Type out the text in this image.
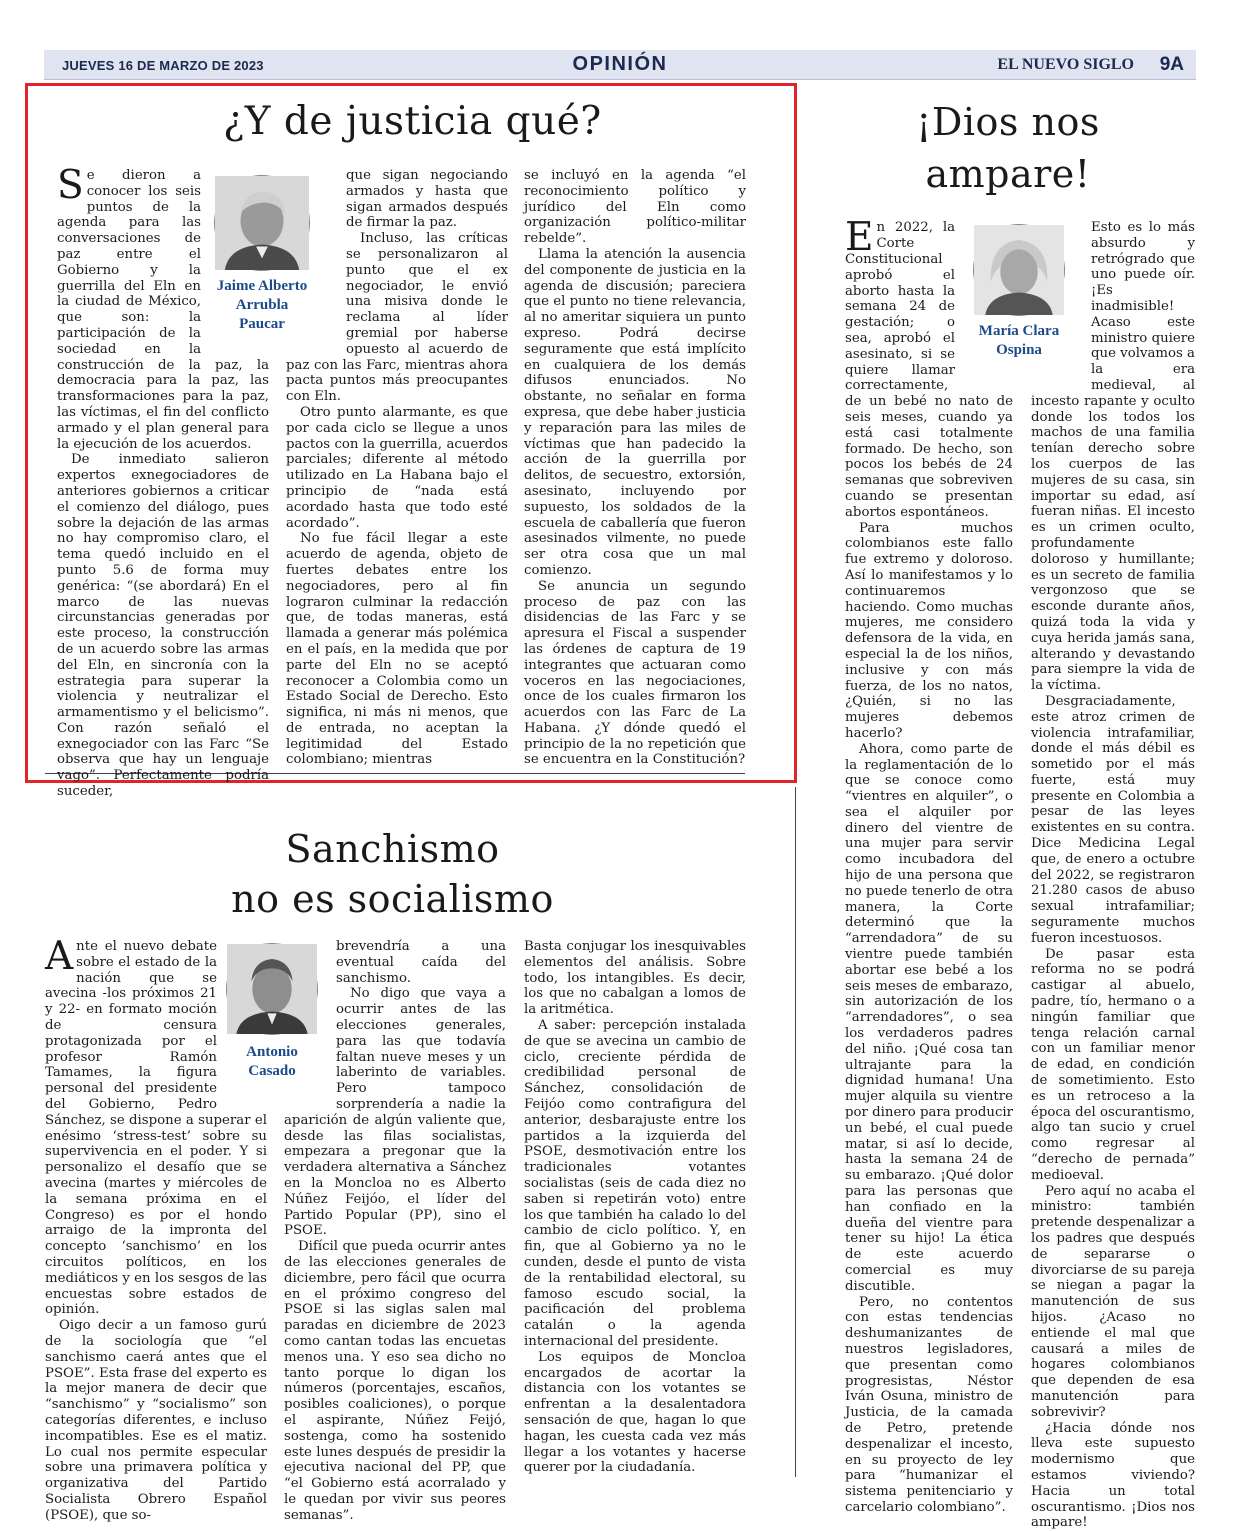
JUEVES 16 DE MARZO DE 2023	OPINIÓN	EL NUEVO SIGLO 9A
¿Y de justicia qué?
Jaime Alberto
Arrubla
Paucar

Se dieron a conocer los seis puntos de la agenda para las conversaciones de paz entre el Gobierno y la guerrilla del Eln en la ciudad de México, que son: la participación de la sociedad en la construcción de la paz, la democracia para la paz, las transformaciones para la paz, las víctimas, el fin del conflicto armado y el plan general para la ejecución de los acuerdos.

De inmediato salieron expertos exnegociadores de anteriores gobiernos a criticar el comienzo del diálogo, pues sobre la dejación de las armas no hay compromiso claro, el tema quedó incluido en el punto 5.6 de forma muy genérica: “(se abordará) En el marco de las nuevas circunstancias generadas por este proceso, la construcción de un acuerdo sobre las armas del Eln, en sincronía con la estrategia para superar la violencia y neutralizar el armamentismo y el belicismo”. Con razón señaló el exnegociador con las Farc “Se observa que hay un lenguaje vago”. Perfectamente podría suceder,

que sigan negociando armados y hasta que sigan armados después de firmar la paz.

Incluso, las críticas se personalizaron al punto que el ex negociador, le envió una misiva donde le reclama al líder gremial por haberse opuesto al acuerdo de paz con las Farc, mientras ahora pacta puntos más preocupantes con Eln.

Otro punto alarmante, es que por cada ciclo se llegue a unos pactos con la guerrilla, acuerdos parciales; diferente al método utilizado en La Habana bajo el principio de “nada está acordado hasta que todo esté acordado”.

No fue fácil llegar a este acuerdo de agenda, objeto de fuertes debates entre los negociadores, pero al fin lograron culminar la redacción que, de todas maneras, está llamada a generar más polémica en el país, en la medida que por parte del Eln no se aceptó reconocer a Colombia como un Estado Social de Derecho. Esto significa, ni más ni menos, que de entrada, no aceptan la legitimidad del Estado colombiano; mientras

se incluyó en la agenda “el reconocimiento político y jurídico del Eln como organización político-militar rebelde”.

Llama la atención la ausencia del componente de justicia en la agenda de discusión; pareciera que el punto no tiene relevancia, al no ameritar siquiera un punto expreso. Podrá decirse seguramente que está implícito en cualquiera de los demás difusos enunciados. No obstante, no señalar en forma expresa, que debe haber justicia y reparación para las miles de víctimas que han padecido la acción de la guerrilla por delitos, de secuestro, extorsión, asesinato, incluyendo por supuesto, los soldados de la escuela de caballería que fueron asesinados vilmente, no puede ser otra cosa que un mal comienzo.

Se anuncia un segundo proceso de paz con las disidencias de las Farc y se apresura el Fiscal a suspender las órdenes de captura de 19 integrantes que actuaran como voceros en las negociaciones, once de los cuales firmaron los acuerdos con las Farc de La Habana. ¿Y dónde quedó el principio de la no repetición que se encuentra en la Constitución?

Sanchismo
no es socialismo
Antonio
Casado

Ante el nuevo debate sobre el estado de la nación que se avecina -los próximos 21 y 22- en formato moción de censura protagonizada por el profesor Ramón Tamames, la figura personal del presidente del Gobierno, Pedro Sánchez, se dispone a superar el enésimo ‘stress-test’ sobre su supervivencia en el poder. Y si personalizo el desafío que se avecina (martes y miércoles de la semana próxima en el Congreso) es por el hondo arraigo de la impronta del concepto ‘sanchismo’ en los circuitos políticos, en los mediáticos y en los sesgos de las encuestas sobre estados de opinión.

Oigo decir a un famoso gurú de la sociología que “el sanchismo caerá antes que el PSOE”. Esta frase del experto es la mejor manera de decir que “sanchismo” y “socialismo” son categorías diferentes, e incluso incompatibles. Ese es el matiz. Lo cual nos permite especular sobre una primavera política y organizativa del Partido Socialista Obrero Español (PSOE), que so-

brevendría a una eventual caída del sanchismo.

No digo que vaya a ocurrir antes de las elecciones generales, para las que todavía faltan nueve meses y un laberinto de variables. Pero tampoco sorprendería a nadie la aparición de algún valiente que, desde las filas socialistas, empezara a pregonar que la verdadera alternativa a Sánchez en la Moncloa no es Alberto Núñez Feijóo, el líder del Partido Popular (PP), sino el PSOE.

Difícil que pueda ocurrir antes de las elecciones generales de diciembre, pero fácil que ocurra en el próximo congreso del PSOE si las siglas salen mal paradas en diciembre de 2023 como cantan todas las encuetas menos una. Y eso sea dicho no tanto porque lo digan los números (porcentajes, escaños, posibles coaliciones), o porque el aspirante, Núñez Feijó, sostenga, como ha sostenido este lunes después de presidir la ejecutiva nacional del PP, que “el Gobierno está acorralado y le quedan por vivir sus peores semanas”.

Basta conjugar los inesquivables elementos del análisis. Sobre todo, los intangibles. Es decir, los que no cabalgan a lomos de la aritmética.

A saber: percepción instalada de que se avecina un cambio de ciclo, creciente pérdida de credibilidad personal de Sánchez, consolidación de Feijóo como contrafigura del anterior, desbarajuste entre los partidos a la izquierda del PSOE, desmotivación entre los tradicionales votantes socialistas (seis de cada diez no saben si repetirán voto) entre los que también ha calado lo del cambio de ciclo político. Y, en fin, que al Gobierno ya no le cunden, desde el punto de vista de la rentabilidad electoral, su famoso escudo social, la pacificación del problema catalán o la agenda internacional del presidente.

Los equipos de Moncloa encargados de acortar la distancia con los votantes se enfrentan a la desalentadora sensación de que, hagan lo que hagan, les cuesta cada vez más llegar a los votantes y hacerse querer por la ciudadanía.

¡Dios nos
ampare!
María Clara
Ospina

En 2022, la Corte Constitucional aprobó el aborto hasta la semana 24 de gestación; o sea, aprobó el asesinato, si se quiere llamar correctamente, de un bebé no nato de seis meses, cuando ya está casi totalmente formado. De hecho, son pocos los bebés de 24 semanas que sobreviven cuando se presentan abortos espontáneos.

Para muchos colombianos este fallo fue extremo y doloroso. Así lo manifestamos y lo continuaremos haciendo. Como muchas mujeres, me considero defensora de la vida, en especial la de los niños, inclusive y con más fuerza, de los no natos, ¿Quién, si no las mujeres debemos hacerlo?

Ahora, como parte de la reglamentación de lo que se conoce como “vientres en alquiler”, o sea el alquiler por dinero del vientre de una mujer para servir como incubadora del hijo de una persona que no puede tenerlo de otra manera, la Corte determinó que la “arrendadora” de su vientre puede también abortar ese bebé a los seis meses de embarazo, sin autorización de los “arrendadores”, o sea los verdaderos padres del niño. ¡Qué cosa tan ultrajante para la dignidad humana! Una mujer alquila su vientre por dinero para producir un bebé, el cual puede matar, si así lo decide, hasta la semana 24 de su embarazo. ¡Qué dolor para las personas que han confiado en la dueña del vientre para tener su hijo! La ética de este acuerdo comercial es muy discutible.

Pero, no contentos con estas tendencias deshumanizantes de nuestros legisladores, que presentan como progresistas, Néstor Iván Osuna, ministro de Justicia, de la camada de Petro, pretende despenalizar el incesto, en su proyecto de ley para “humanizar el sistema penitenciario y carcelario colombiano”.

Esto es lo más absurdo y retrógrado que uno puede oír. ¡Es inadmisible! Acaso este ministro quiere que volvamos a la era medieval, al incesto rapante y oculto donde los todos los machos de una familia tenían derecho sobre los cuerpos de las mujeres de su casa, sin importar su edad, así fueran niñas. El incesto es un crimen oculto, profundamente doloroso y humillante; es un secreto de familia vergonzoso que se esconde durante años, quizá toda la vida y cuya herida jamás sana, alterando y devastando para siempre la vida de la víctima.

Desgraciadamente, este atroz crimen de violencia intrafamiliar, donde el más débil es sometido por el más fuerte, está muy presente en Colombia a pesar de las leyes existentes en su contra. Dice Medicina Legal que, de enero a octubre del 2022, se registraron 21.280 casos de abuso sexual intrafamiliar; seguramente muchos fueron incestuosos.

De pasar esta reforma no se podrá castigar al abuelo, padre, tío, hermano o a ningún familiar que tenga relación carnal con un familiar menor de edad, en condición de sometimiento. Esto es un retroceso a la época del oscurantismo, algo tan sucio y cruel como regresar al “derecho de pernada” medioeval.

Pero aquí no acaba el ministro: también pretende despenalizar a los padres que después de separarse o divorciarse de su pareja se niegan a pagar la manutención de sus hijos. ¿Acaso no entiende el mal que causará a miles de hogares colombianos que dependen de esa manutención para sobrevivir?

¿Hacia dónde nos lleva este supuesto modernismo que estamos viviendo? Hacia un total oscurantismo. ¡Dios nos ampare!
